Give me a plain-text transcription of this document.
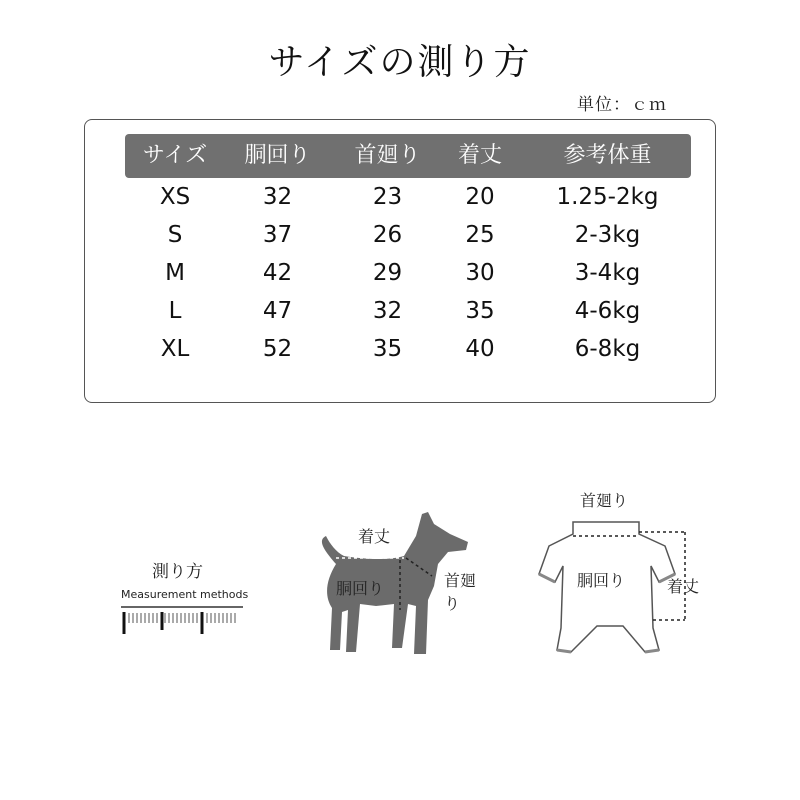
サイズの測り方
単位：ｃｍ
サイズ	胴回り	首廻り	着丈	参考体重
XS	32	23	20	1.25-2kg
S	37	26	25	2-3kg
M	42	29	30	3-4kg
L	47	32	35	4-6kg
XL	52	35	40	6-8kg
測り方
Measurement methods
着丈
胴回り	首廻り
首廻り
胴回り	着丈
